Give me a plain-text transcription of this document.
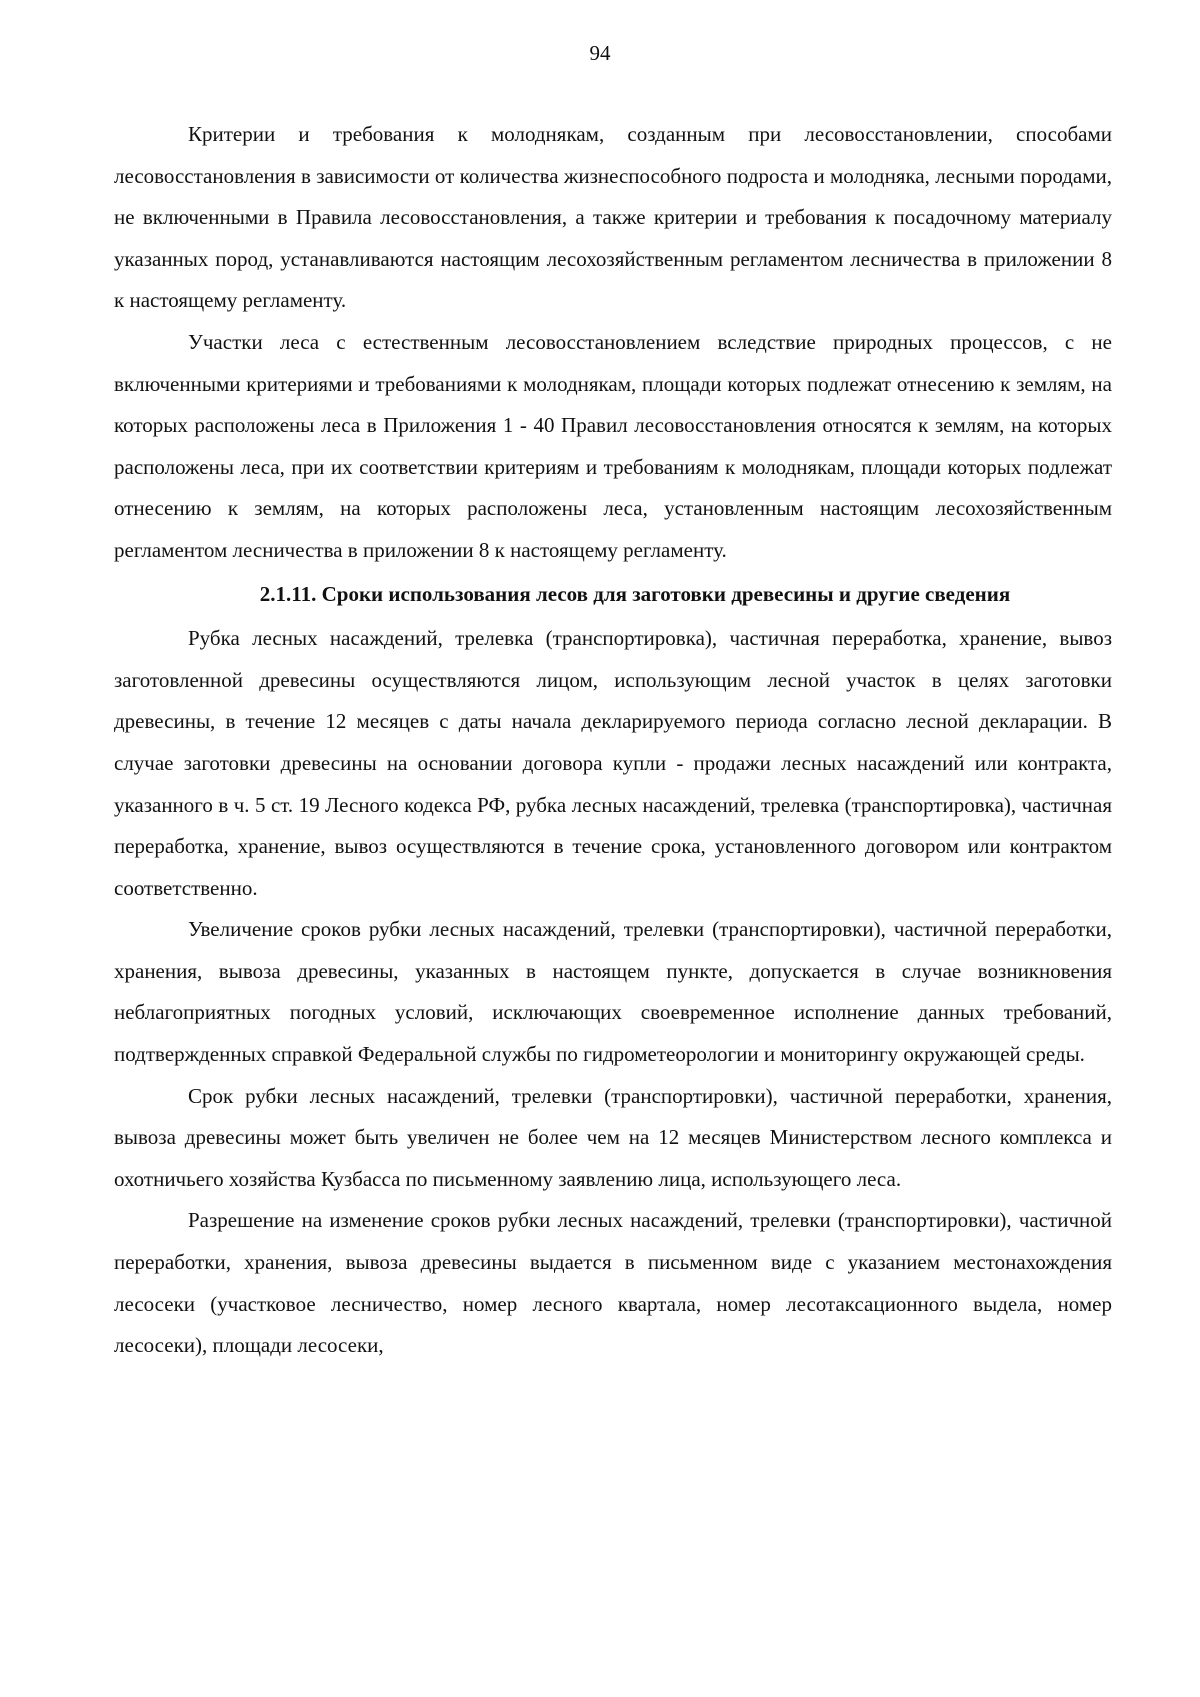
94

Критерии и требования к молоднякам, созданным при лесовосстановлении, способами лесовосстановления в зависимости от количества жизнеспособного подроста и молодняка, лесными породами, не включенными в Правила лесовосстановления, а также критерии и требования к посадочному материалу указанных пород, устанавливаются настоящим лесохозяйственным регламентом лесничества в приложении 8 к настоящему регламенту.

Участки леса с естественным лесовосстановлением вследствие природных процессов, с не включенными критериями и требованиями к молоднякам, площади которых подлежат отнесению к землям, на которых расположены леса в Приложения 1 - 40 Правил лесовосстановления относятся к землям, на которых расположены леса, при их соответствии критериям и требованиям к молоднякам, площади которых подлежат отнесению к землям, на которых расположены леса, установленным настоящим лесохозяйственным регламентом лесничества в приложении 8 к настоящему регламенту.

2.1.11. Сроки использования лесов для заготовки древесины и другие сведения

Рубка лесных насаждений, трелевка (транспортировка), частичная переработка, хранение, вывоз заготовленной древесины осуществляются лицом, использующим лесной участок в целях заготовки древесины, в течение 12 месяцев с даты начала декларируемого периода согласно лесной декларации. В случае заготовки древесины на основании договора купли - продажи лесных насаждений или контракта, указанного в ч. 5 ст. 19 Лесного кодекса РФ, рубка лесных насаждений, трелевка (транспортировка), частичная переработка, хранение, вывоз осуществляются в течение срока, установленного договором или контрактом соответственно.

Увеличение сроков рубки лесных насаждений, трелевки (транспортировки), частичной переработки, хранения, вывоза древесины, указанных в настоящем пункте, допускается в случае возникновения неблагоприятных погодных условий, исключающих своевременное исполнение данных требований, подтвержденных справкой Федеральной службы по гидрометеорологии и мониторингу окружающей среды.

Срок рубки лесных насаждений, трелевки (транспортировки), частичной переработки, хранения, вывоза древесины может быть увеличен не более чем на 12 месяцев Министерством лесного комплекса и охотничьего хозяйства Кузбасса по письменному заявлению лица, использующего леса.

Разрешение на изменение сроков рубки лесных насаждений, трелевки (транспортировки), частичной переработки, хранения, вывоза древесины выдается в письменном виде с указанием местонахождения лесосеки (участковое лесничество, номер лесного квартала, номер лесотаксационного выдела, номер лесосеки), площади лесосеки,
